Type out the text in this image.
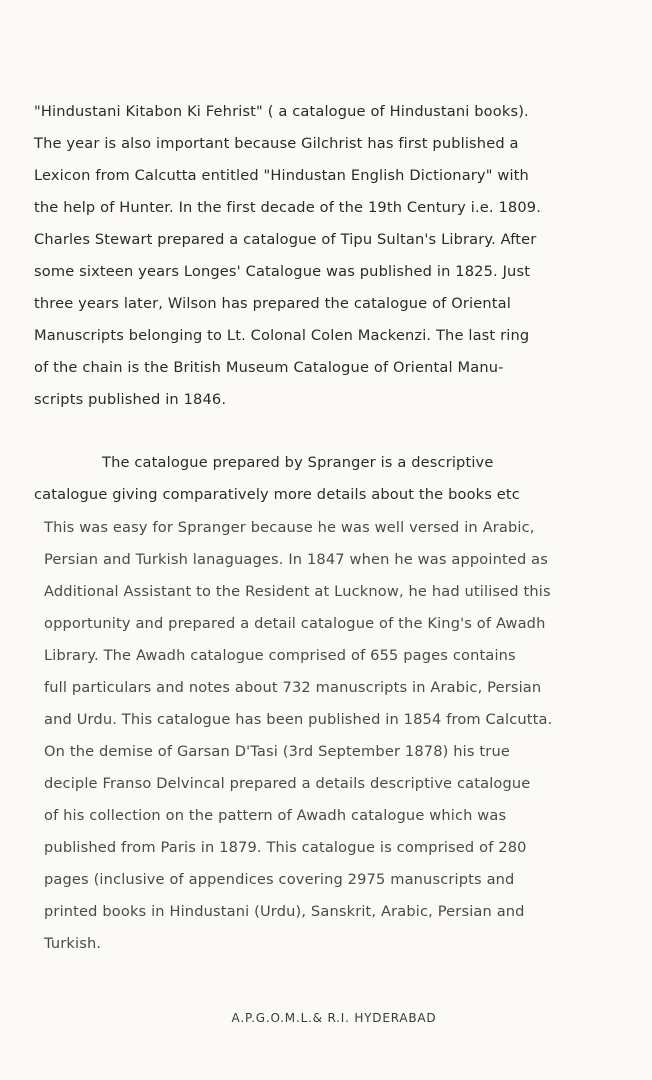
"Hindustani Kitabon Ki Fehrist" ( a catalogue of Hindustani books).
The year is also important because Gilchrist has first published a
Lexicon from Calcutta entitled "Hindustan English Dictionary" with
the help of Hunter. In the first decade of the 19th Century i.e. 1809.
Charles Stewart prepared a catalogue of Tipu Sultan's Library. After
some sixteen years Longes' Catalogue was published in 1825. Just
three years later, Wilson has prepared the catalogue of Oriental
Manuscripts belonging to Lt. Colonal Colen Mackenzi. The last ring
of the chain is the British Museum Catalogue of Oriental Manu-
scripts published in 1846.
The catalogue prepared by Spranger is a descriptive
catalogue giving comparatively more details about the books etc
This was easy for Spranger because he was well versed in Arabic,
Persian and Turkish lanaguages. In 1847 when he was appointed as
Additional Assistant to the Resident at Lucknow, he had utilised this
opportunity and prepared a detail catalogue of the King's of Awadh
Library. The Awadh catalogue comprised of 655 pages contains
full particulars and notes about 732 manuscripts in Arabic, Persian
and Urdu. This catalogue has been published in 1854 from Calcutta.
On the demise of Garsan D'Tasi (3rd September 1878) his true
deciple Franso Delvincal prepared a details descriptive catalogue
of his collection on the pattern of Awadh catalogue which was
published from Paris in 1879. This catalogue is comprised of 280
pages (inclusive of appendices covering 2975 manuscripts and
printed books in Hindustani (Urdu), Sanskrit, Arabic, Persian and
Turkish.
A.P.G.O.M.L.& R.I. HYDERABAD
